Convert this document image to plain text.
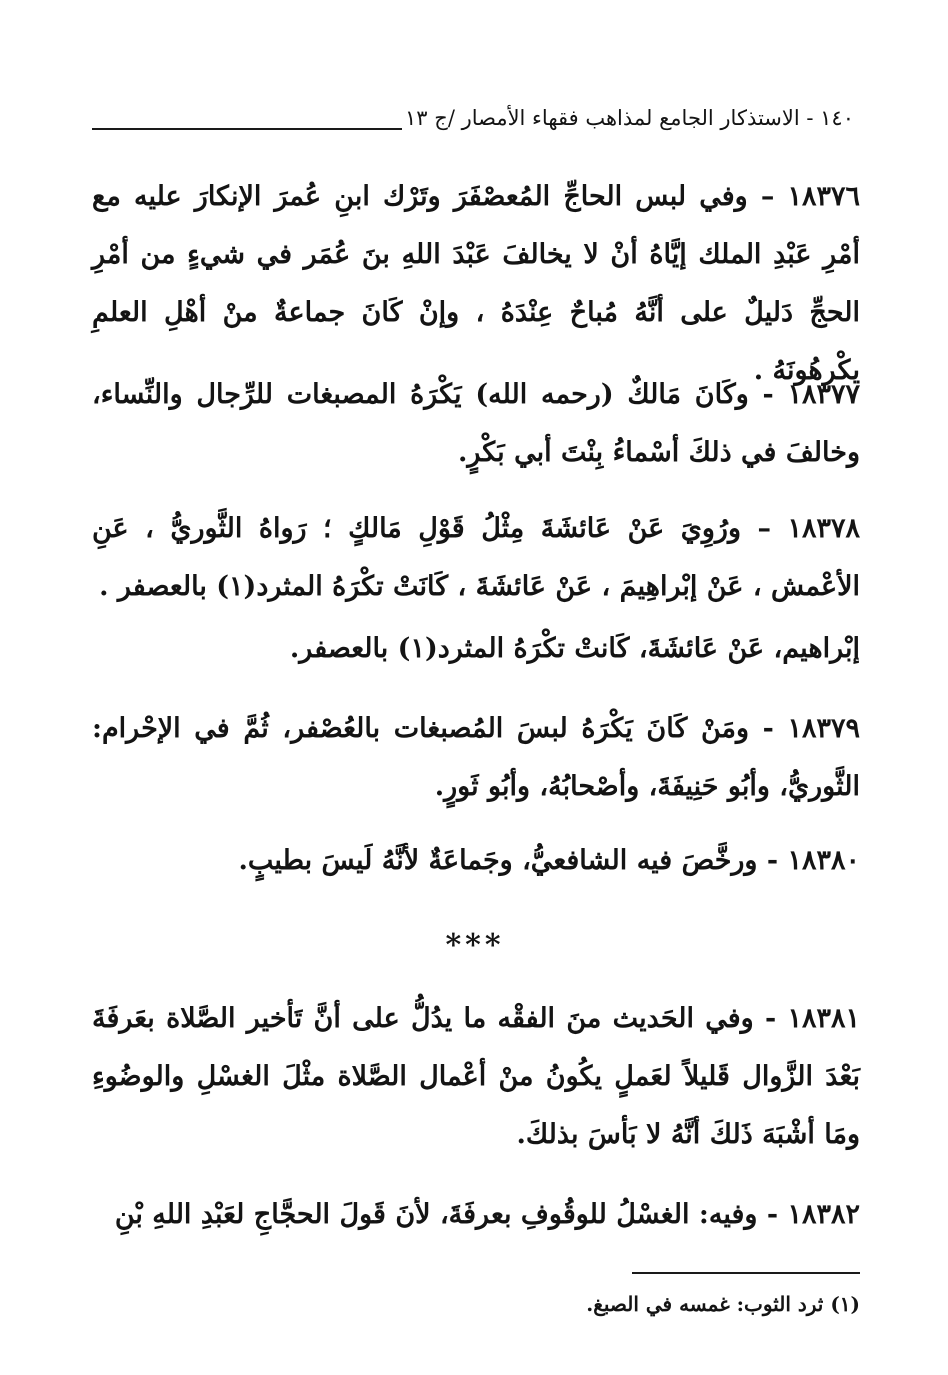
١٤٠ - الاستذكار الجامع لمذاهب فقهاء الأمصار /ج ١٣
١٨٣٧٦ – وفي لبس الحاجِّ المُعصْفَرَ وتَرْك ابنِ عُمرَ الإنكارَ عليه مع أمْرِ عَبْدِ الملك إيَّاهُ أنْ لا يخالفَ عَبْدَ اللهِ بنَ عُمَر في شيءٍ من أمْرِ الحجِّ دَليلٌ على أنَّهُ مُباحٌ عِنْدَهُ ، وإنْ كَانَ جماعةٌ منْ أهْلِ العلمِ يكْرهُونَهُ .
١٨٣٧٧ - وكَانَ مَالكٌ (رحمه الله) يَكْرَهُ المصبغات للرِّجال والنِّساء، وخالفَ في ذلكَ أسْماءُ بِنْتَ أبي بَكْرٍ.
١٨٣٧٨ – ورُوِيَ عَنْ عَائشَةَ مِثْلُ قَوْلِ مَالكٍ ؛ رَواهُ الثَّوريُّ ، عَنِ الأعْمش ، عَنْ إبْراهِيمَ ، عَنْ عَائشَةَ ، كَانَتْ تكْرَهُ المثرد(١) بالعصفر .
إبْراهيم، عَنْ عَائشَةَ، كَانتْ تكْرَهُ المثرد(١) بالعصفر.
١٨٣٧٩ - ومَنْ كَانَ يَكْرَهُ لبسَ المُصبغات بالعُصْفر، ثُمَّ في الإحْرام: الثَّوريُّ، وأبُو حَنِيفَةَ، وأصْحابُهُ، وأبُو ثَورٍ.
١٨٣٨٠ - ورخَّصَ فيه الشافعيُّ، وجَماعَةٌ لأنَّهُ لَيسَ بطيبٍ.
***
١٨٣٨١ - وفي الحَديث منَ الفقْه ما يدُلُّ على أنَّ تَأخير الصَّلاة بعَرفَةَ بَعْدَ الزَّوال قَليلاً لعَملٍ يكُونُ منْ أعْمال الصَّلاة مثْلَ الغسْلِ والوضُوءِ ومَا أشْبَهَ ذَلكَ أنَّهُ لا بَأسَ بذلكَ.
١٨٣٨٢ - وفيه: الغسْلُ للوقُوفِ بعرفَةَ، لأنَ قَولَ الحجَّاجِ لعَبْدِ اللهِ بْنِ
(١) ثرد الثوب: غمسه في الصبغ.
